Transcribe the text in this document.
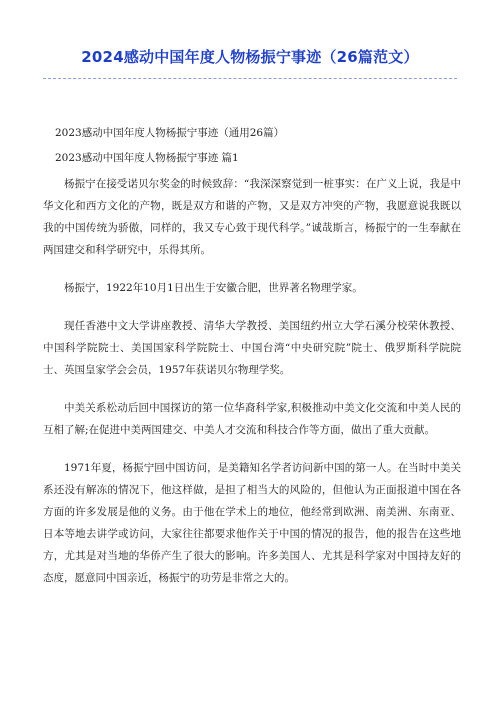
2024感动中国年度人物杨振宁事迹（26篇范文）

2023感动中国年度人物杨振宁事迹（通用26篇）

2023感动中国年度人物杨振宁事迹 篇1

杨振宁在接受诺贝尔奖金的时候致辞：“我深深察觉到一桩事实：在广义上说，我是中华文化和西方文化的产物，既是双方和谐的产物，又是双方冲突的产物，我愿意说我既以我的中国传统为骄傲，同样的，我又专心致于现代科学。”诚哉斯言，杨振宁的一生奉献在两国建交和科学研究中，乐得其所。

杨振宁，1922年10月1日出生于安徽合肥，世界著名物理学家。

现任香港中文大学讲座教授、清华大学教授、美国纽约州立大学石溪分校荣休教授、中国科学院院士、美国国家科学院院士、中国台湾“中央研究院”院士、俄罗斯科学院院士、英国皇家学会会员，1957年获诺贝尔物理学奖。

中美关系松动后回中国探访的第一位华裔科学家,积极推动中美文化交流和中美人民的互相了解;在促进中美两国建交、中美人才交流和科技合作等方面，做出了重大贡献。

1971年夏，杨振宁回中国访问，是美籍知名学者访问新中国的第一人。在当时中美关系还没有解冻的情况下，他这样做，是担了相当大的风险的，但他认为正面报道中国在各方面的许多发展是他的义务。由于他在学术上的地位，他经常到欧洲、南美洲、东南亚、日本等地去讲学或访问，大家往往都要求他作关于中国的情况的报告，他的报告在这些地方，尤其是对当地的华侨产生了很大的影响。许多美国人、尤其是科学家对中国持友好的态度，愿意同中国亲近，杨振宁的功劳是非常之大的。
